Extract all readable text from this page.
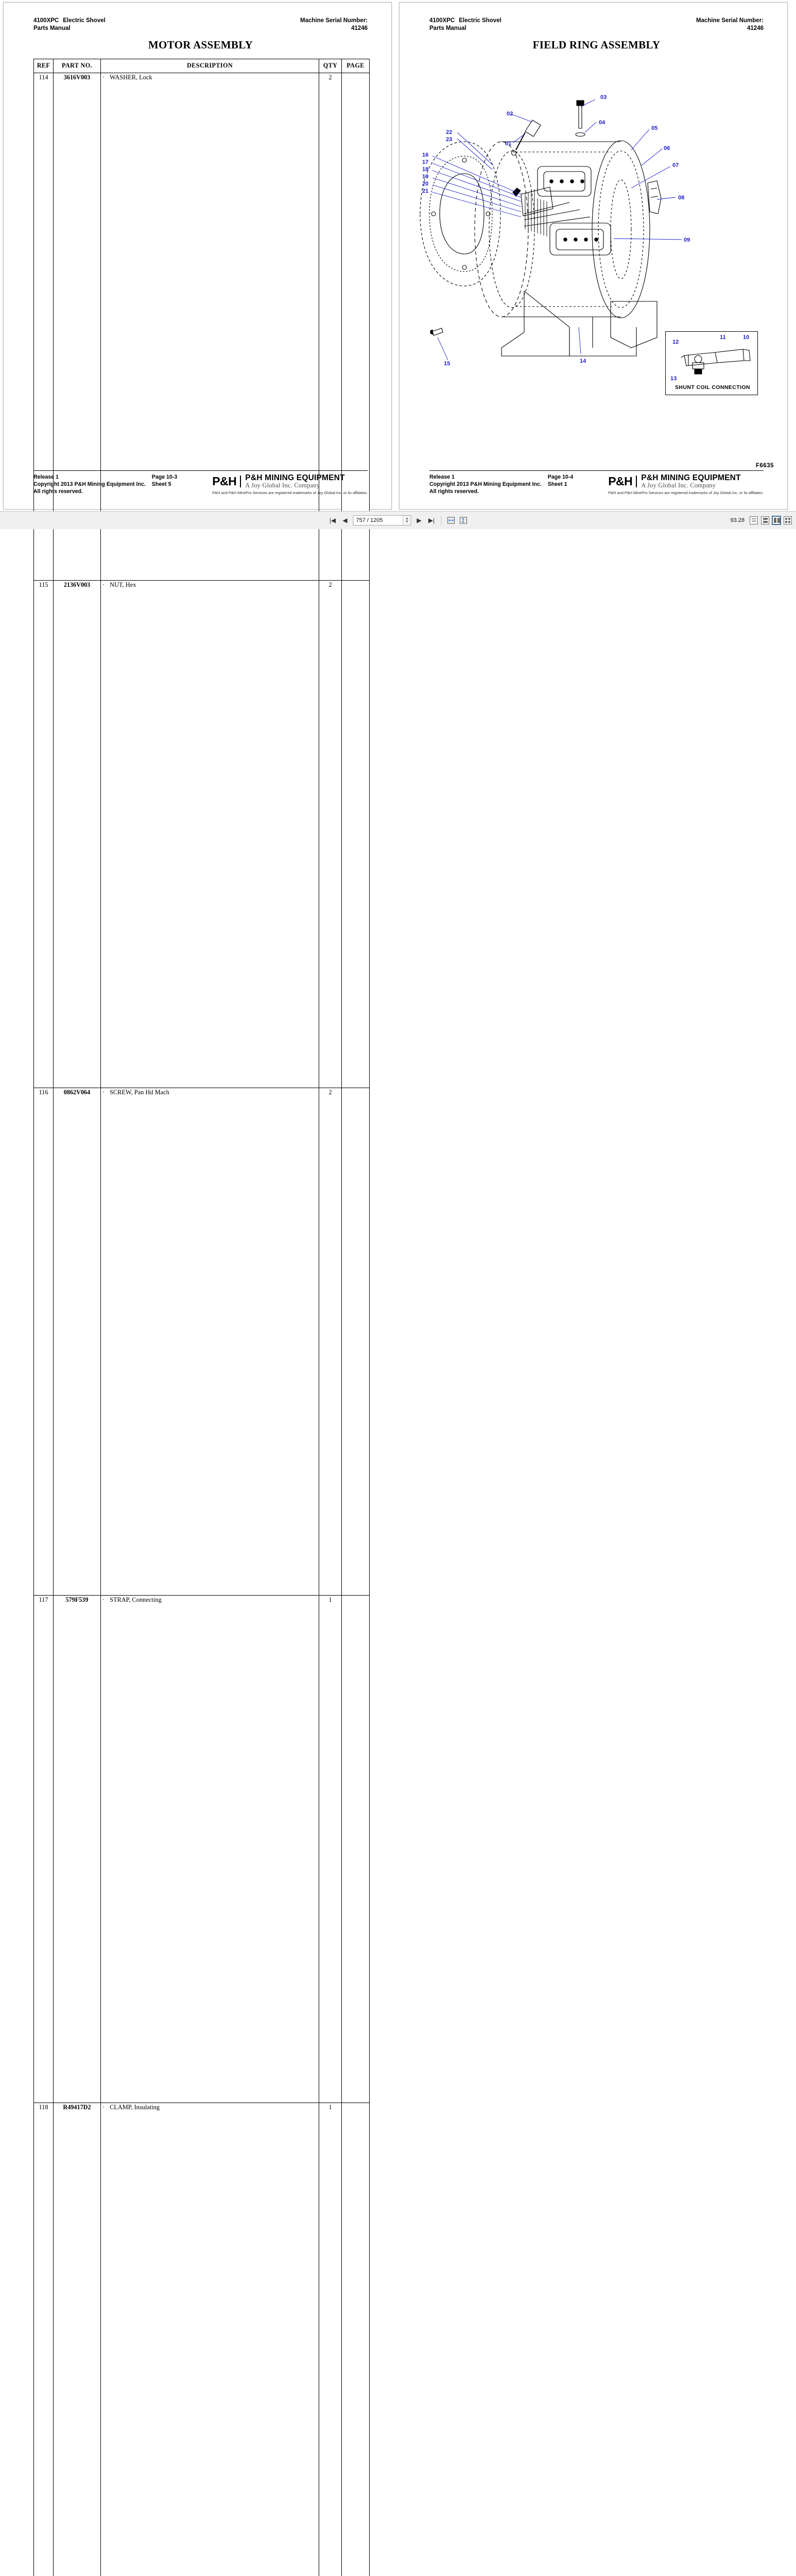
4100XPC Electric Shovel
Parts Manual
Machine Serial Number:
41246
MOTOR ASSEMBLY
REF	PART NO.	DESCRIPTION	QTY	PAGE
114	3616V003	· WASHER, Lock	2	
115	2136V003	· NUT, Hex	2	
116	0862V064	· SCREW, Pan Hd Mach	2	
117	579F539	· STRAP, Connecting	1	
118	R49417D2	· CLAMP, Insulating	1	

Release 1
Copyright 2013 P&H Mining Equipment Inc.
All rights reserved.
Page 10-3
Sheet 5	P&H	P&H MINING EQUIPMENT
A Joy Global Inc. Company
P&H and P&H MinePro Services are registered trademarks of Joy Global Inc. or its affiliates.
4100XPC Electric Shovel
Parts Manual
Machine Serial Number:
41246
FIELD RING ASSEMBLY
SHUNT COIL CONNECTION
01
02
03
04
05
06
07
08
09
10
11
12
13
14
15
16
17
18
19
20
21
22
23
F6635
Release 1
Copyright 2013 P&H Mining Equipment Inc.
All rights reserved.
Page 10-4
Sheet 1	P&H	P&H MINING EQUIPMENT
A Joy Global Inc. Company
P&H and P&H MinePro Services are registered trademarks of Joy Global Inc. or its affiliates.
|◀	◀
757 / 1205	▲
▼	▶	▶|	93.28
